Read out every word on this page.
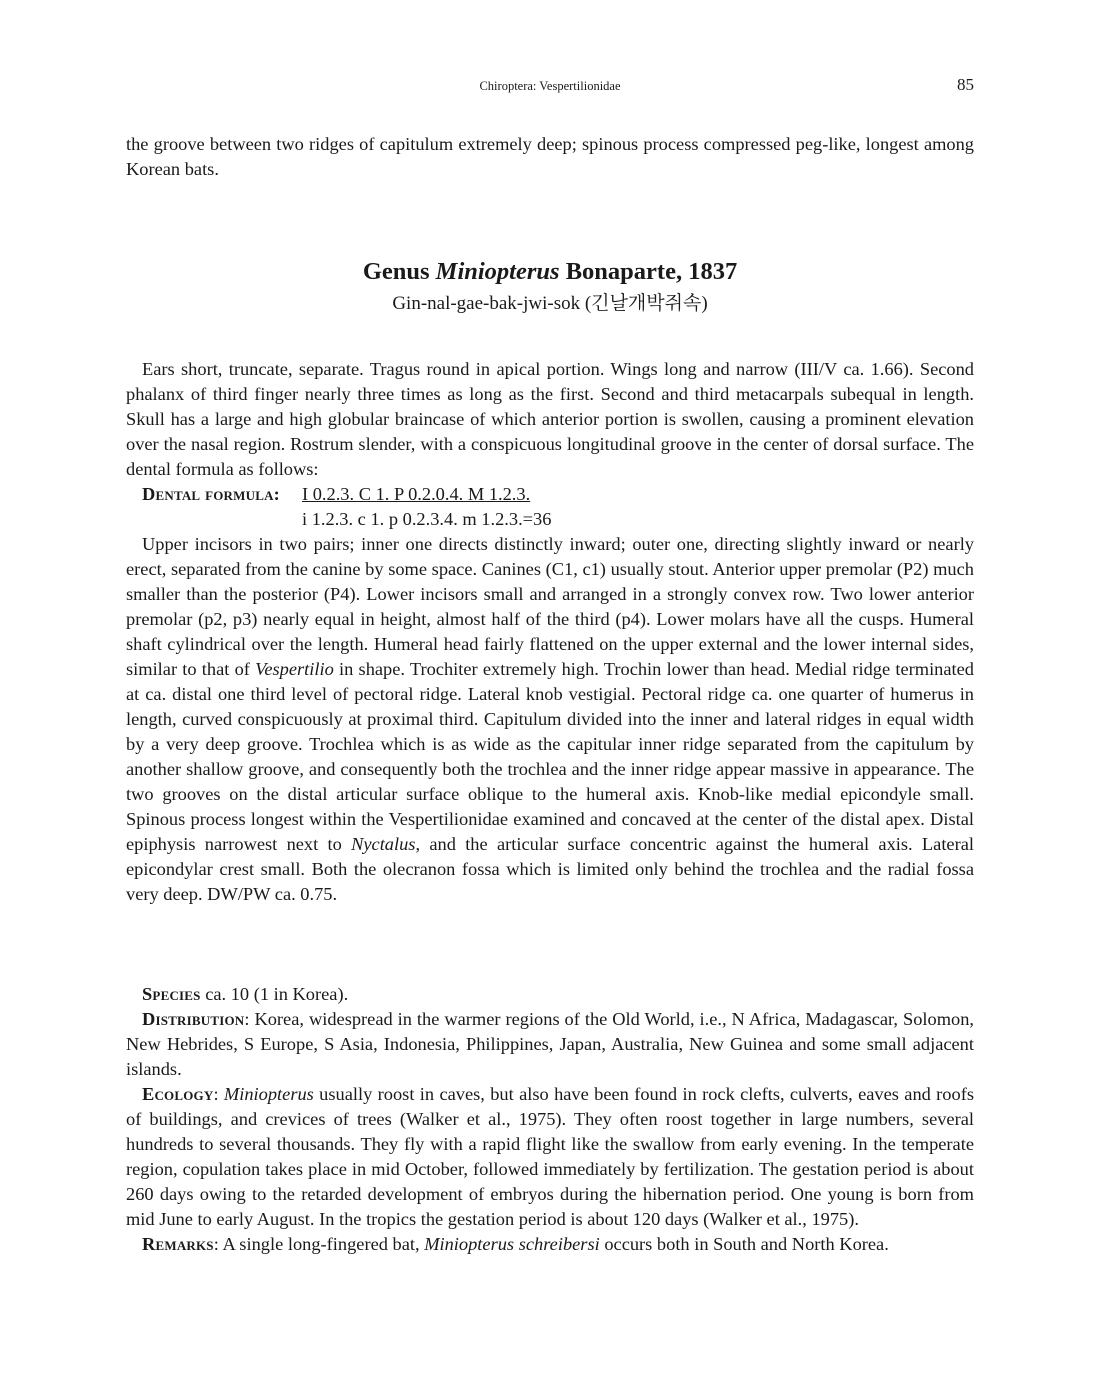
Chiroptera: Vespertilionidae	85

the groove between two ridges of capitulum extremely deep; spinous process compressed peg-like, longest among Korean bats.

Genus Miniopterus Bonaparte, 1837
Gin-nal-gae-bak-jwi-sok (긴날개박쥐속)

Ears short, truncate, separate. Tragus round in apical portion. Wings long and narrow (III/V ca. 1.66). Second phalanx of third finger nearly three times as long as the first. Second and third metacarpals subequal in length. Skull has a large and high globular braincase of which anterior portion is swollen, causing a prominent elevation over the nasal region. Rostrum slender, with a conspicuous longitudinal groove in the center of dorsal surface. The dental formula as follows:

Dental formula: I 0.2.3. C 1. P 0.2.0.4. M 1.2.3.
i 1.2.3. c 1. p 0.2.3.4. m 1.2.3.=36

Upper incisors in two pairs; inner one directs distinctly inward; outer one, directing slightly inward or nearly erect, separated from the canine by some space. Canines (C1, c1) usually stout. Anterior upper premolar (P2) much smaller than the posterior (P4). Lower incisors small and arranged in a strongly convex row. Two lower anterior premolar (p2, p3) nearly equal in height, almost half of the third (p4). Lower molars have all the cusps. Humeral shaft cylindrical over the length. Humeral head fairly flattened on the upper external and the lower internal sides, similar to that of Vespertilio in shape. Trochiter extremely high. Trochin lower than head. Medial ridge terminated at ca. distal one third level of pectoral ridge. Lateral knob vestigial. Pectoral ridge ca. one quarter of humerus in length, curved conspicuously at proximal third. Capitulum divided into the inner and lateral ridges in equal width by a very deep groove. Trochlea which is as wide as the capitular inner ridge separated from the capitulum by another shallow groove, and consequently both the trochlea and the inner ridge appear massive in appearance. The two grooves on the distal articular surface oblique to the humeral axis. Knob-like medial epicondyle small. Spinous process longest within the Vespertilionidae examined and concaved at the center of the distal apex. Distal epiphysis narrowest next to Nyctalus, and the articular surface concentric against the humeral axis. Lateral epicondylar crest small. Both the olecranon fossa which is limited only behind the trochlea and the radial fossa very deep. DW/PW ca. 0.75.

Species ca. 10 (1 in Korea).

Distribution: Korea, widespread in the warmer regions of the Old World, i.e., N Africa, Madagascar, Solomon, New Hebrides, S Europe, S Asia, Indonesia, Philippines, Japan, Australia, New Guinea and some small adjacent islands.

Ecology: Miniopterus usually roost in caves, but also have been found in rock clefts, culverts, eaves and roofs of buildings, and crevices of trees (Walker et al., 1975). They often roost together in large numbers, several hundreds to several thousands. They fly with a rapid flight like the swallow from early evening. In the temperate region, copulation takes place in mid October, followed immediately by fertilization. The gestation period is about 260 days owing to the retarded development of embryos during the hibernation period. One young is born from mid June to early August. In the tropics the gestation period is about 120 days (Walker et al., 1975).

Remarks: A single long-fingered bat, Miniopterus schreibersi occurs both in South and North Korea.
